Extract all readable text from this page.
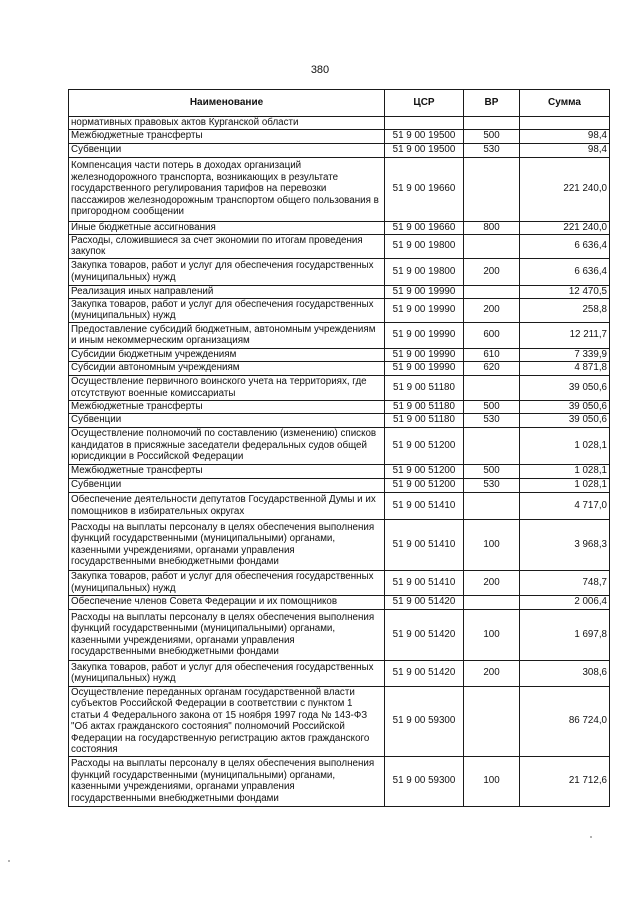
380
Наименование	ЦСР	ВР	Сумма
нормативных правовых актов Курганской области			
Межбюджетные трансферты	51 9 00 19500	500	98,4
Субвенции	51 9 00 19500	530	98,4
Компенсация части потерь в доходах организаций железнодорожного транспорта, возникающих в результате государственного регулирования тарифов на перевозки пассажиров железнодорожным транспортом общего пользования в пригородном сообщении	51 9 00 19660		221 240,0
Иные бюджетные ассигнования	51 9 00 19660	800	221 240,0
Расходы, сложившиеся за счет экономии по итогам проведения закупок	51 9 00 19800		6 636,4
Закупка товаров, работ и услуг для обеспечения государственных (муниципальных) нужд	51 9 00 19800	200	6 636,4
Реализация иных направлений	51 9 00 19990		12 470,5
Закупка товаров, работ и услуг для обеспечения государственных (муниципальных) нужд	51 9 00 19990	200	258,8
Предоставление субсидий бюджетным, автономным учреждениям и иным некоммерческим организациям	51 9 00 19990	600	12 211,7
Субсидии бюджетным учреждениям	51 9 00 19990	610	7 339,9
Субсидии автономным учреждениям	51 9 00 19990	620	4 871,8
Осуществление первичного воинского учета на территориях, где отсутствуют военные комиссариаты	51 9 00 51180		39 050,6
Межбюджетные трансферты	51 9 00 51180	500	39 050,6
Субвенции	51 9 00 51180	530	39 050,6
Осуществление полномочий по составлению (изменению) списков кандидатов в присяжные заседатели федеральных судов общей юрисдикции в Российской Федерации	51 9 00 51200		1 028,1
Межбюджетные трансферты	51 9 00 51200	500	1 028,1
Субвенции	51 9 00 51200	530	1 028,1
Обеспечение деятельности депутатов Государственной Думы и их помощников в избирательных округах	51 9 00 51410		4 717,0
Расходы на выплаты персоналу в целях обеспечения выполнения функций государственными (муниципальными) органами, казенными учреждениями, органами управления государственными внебюджетными фондами	51 9 00 51410	100	3 968,3
Закупка товаров, работ и услуг для обеспечения государственных (муниципальных) нужд	51 9 00 51410	200	748,7
Обеспечение членов Совета Федерации и их помощников	51 9 00 51420		2 006,4
Расходы на выплаты персоналу в целях обеспечения выполнения функций государственными (муниципальными) органами, казенными учреждениями, органами управления государственными внебюджетными фондами	51 9 00 51420	100	1 697,8
Закупка товаров, работ и услуг для обеспечения государственных (муниципальных) нужд	51 9 00 51420	200	308,6
Осуществление переданных органам государственной власти субъектов Российской Федерации в соответствии с пунктом 1 статьи 4 Федерального закона от 15 ноября 1997 года № 143-ФЗ "Об актах гражданского состояния" полномочий Российской Федерации на государственную регистрацию актов гражданского состояния	51 9 00 59300		86 724,0
Расходы на выплаты персоналу в целях обеспечения выполнения функций государственными (муниципальными) органами, казенными учреждениями, органами управления государственными внебюджетными фондами	51 9 00 59300	100	21 712,6
